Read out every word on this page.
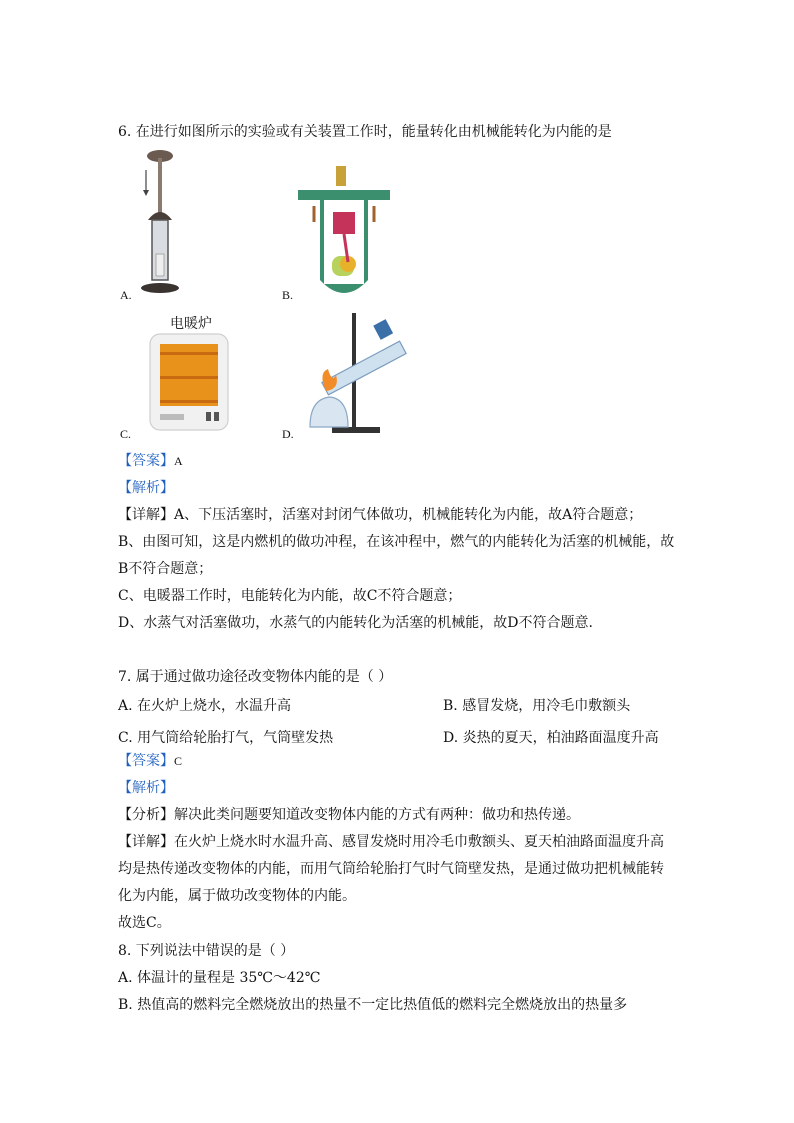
6. 在进行如图所示的实验或有关装置工作时，能量转化由机械能转化为内能的是
A.	B.
电暖炉
C.	D.
【答案】A
【解析】
【详解】A、下压活塞时，活塞对封闭气体做功，机械能转化为内能，故A符合题意；
B、由图可知，这是内燃机的做功冲程，在该冲程中，燃气的内能转化为活塞的机械能，故
B不符合题意；
C、电暖器工作时，电能转化为内能，故C不符合题意；
D、水蒸气对活塞做功，水蒸气的内能转化为活塞的机械能，故D不符合题意.
7. 属于通过做功途径改变物体内能的是（ ）
A. 在火炉上烧水，水温升高	B. 感冒发烧，用冷毛巾敷额头
C. 用气筒给轮胎打气，气筒壁发热	D. 炎热的夏天，柏油路面温度升高
【答案】C
【解析】
【分析】解决此类问题要知道改变物体内能的方式有两种：做功和热传递。
【详解】在火炉上烧水时水温升高、感冒发烧时用冷毛巾敷额头、夏天柏油路面温度升高
均是热传递改变物体的内能，而用气筒给轮胎打气时气筒壁发热，是通过做功把机械能转
化为内能，属于做功改变物体的内能。
故选C。
8. 下列说法中错误的是（ ）
A. 体温计的量程是 35℃～42℃
B. 热值高的燃料完全燃烧放出的热量不一定比热值低的燃料完全燃烧放出的热量多
